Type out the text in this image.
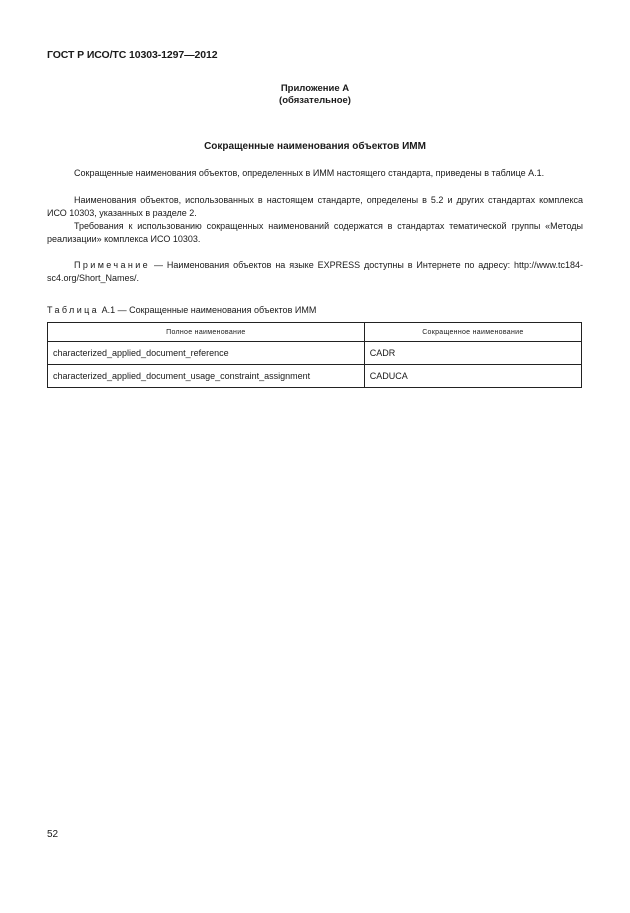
ГОСТ Р ИСО/ТС 10303-1297—2012
Приложение А
(обязательное)
Сокращенные наименования объектов ИММ
Сокращенные наименования объектов, определенных в ИММ настоящего стандарта, приведены в таблице А.1.
Наименования объектов, использованных в настоящем стандарте, определены в 5.2 и других стандартах комплекса ИСО 10303, указанных в разделе 2.
Требования к использованию сокращенных наименований содержатся в стандартах тематической группы «Методы реализации» комплекса ИСО 10303.
Примечание — Наименования объектов на языке EXPRESS доступны в Интернете по адресу: http://www.tc184-sc4.org/Short_Names/.
Таблица А.1 — Сокращенные наименования объектов ИММ
Полное наименование	Сокращенное наименование
characterized_applied_document_reference	CADR
characterized_applied_document_usage_constraint_assignment	CADUCA
52
